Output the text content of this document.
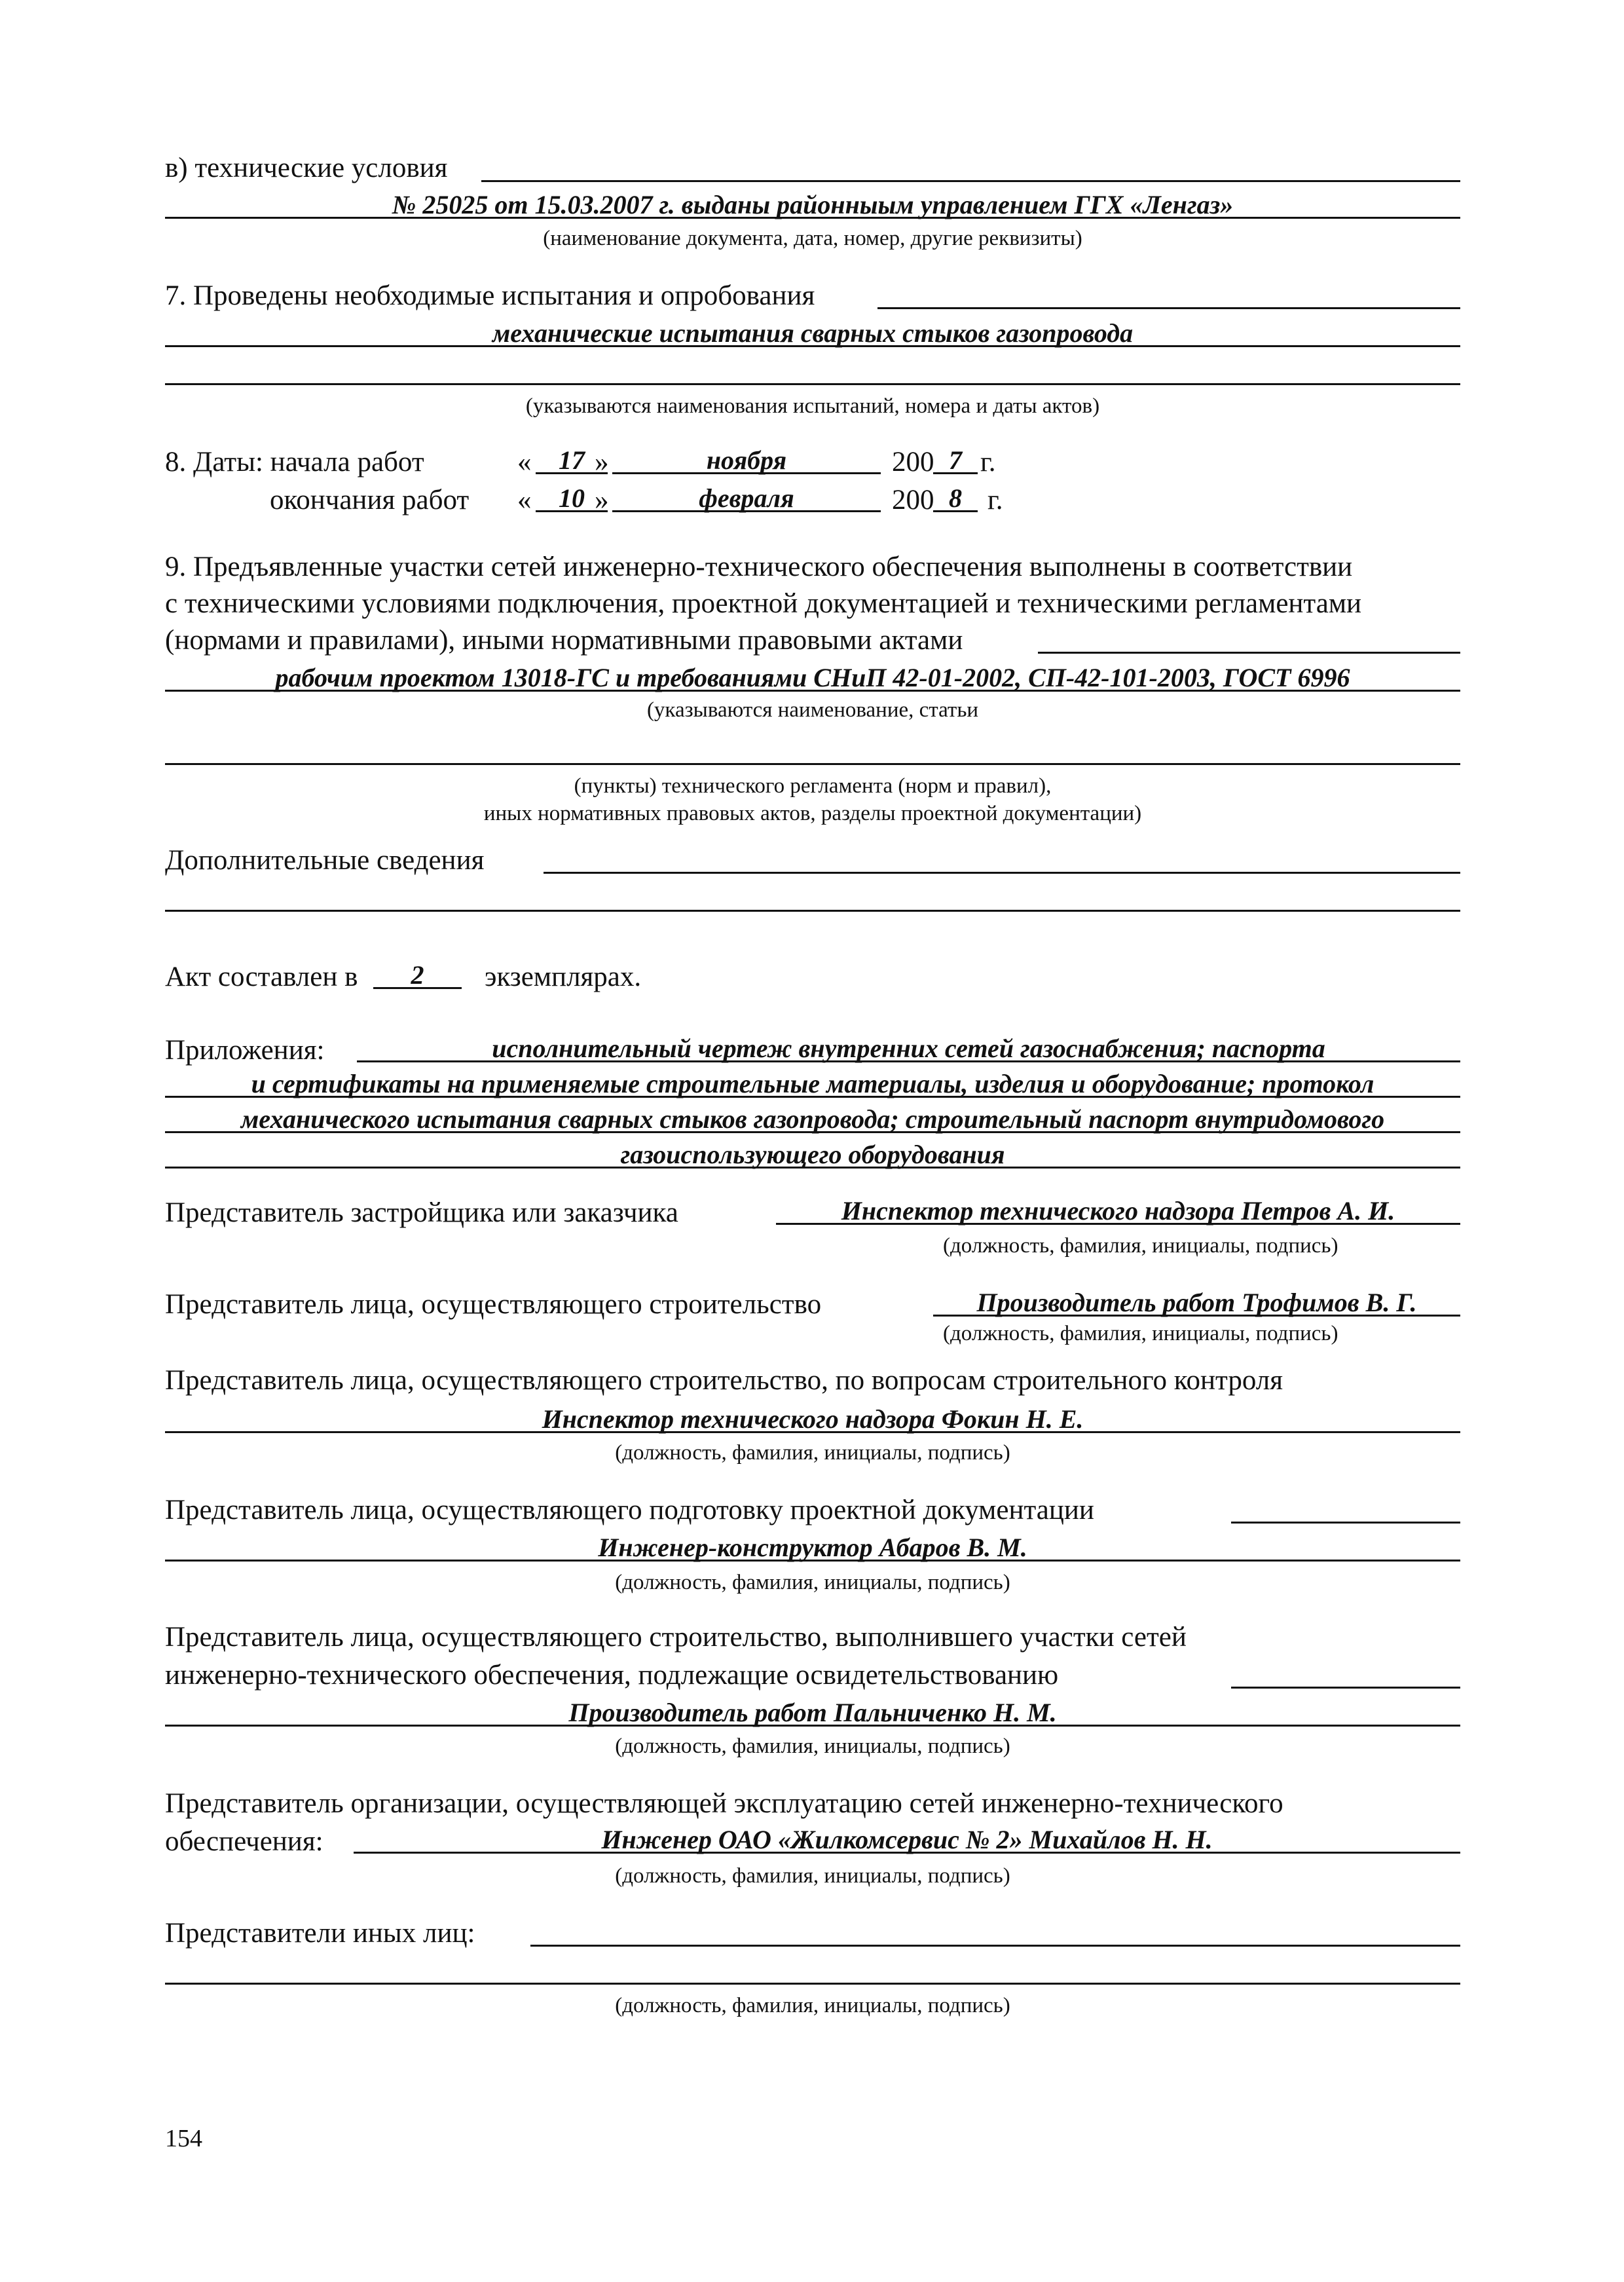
в) технические условия
№ 25025 от 15.03.2007 г. выданы районныым управлением ГГХ «Ленгаз»
(наименование документа, дата, номер, другие реквизиты)
7. Проведены необходимые испытания и опробования
механические испытания сварных стыков газопровода
(указываются наименования испытаний, номера и даты актов)
8. Даты: начала работ	«	17 »	ноября	200 7 г.
окончания работ «	10 »	февраля	200 8 г.
9. Предъявленные участки сетей инженерно-технического обеспечения выполнены в соответствии
с техническими условиями подключения, проектной документацией и техническими регламентами
(нормами и правилами), иными нормативными правовыми актами
рабочим проектом 13018-ГС и требованиями СНиП 42-01-2002, СП-42-101-2003, ГОСТ 6996
(указываются наименование, статьи
(пункты) технического регламента (норм и правил),
иных нормативных правовых актов, разделы проектной документации)
Дополнительные сведения
Акт составлен в	2	экземплярах.
Приложения:	исполнительный чертеж внутренних сетей газоснабжения; паспорта
и сертификаты на применяемые строительные материалы, изделия и оборудование; протокол
механического испытания сварных стыков газопровода; строительный паспорт внутридомового
газоиспользующего оборудования
Представитель застройщика или заказчика	Инспектор технического надзора Петров А. И.
(должность, фамилия, инициалы, подпись)
Представитель лица, осуществляющего строительство	Производитель работ Трофимов В. Г.
(должность, фамилия, инициалы, подпись)
Представитель лица, осуществляющего строительство, по вопросам строительного контроля
Инспектор технического надзора Фокин Н. Е.
(должность, фамилия, инициалы, подпись)
Представитель лица, осуществляющего подготовку проектной документации
Инженер-конструктор Абаров В. М.
(должность, фамилия, инициалы, подпись)
Представитель лица, осуществляющего строительство, выполнившего участки сетей
инженерно-технического обеспечения, подлежащие освидетельствованию
Производитель работ Пальниченко Н. М.
(должность, фамилия, инициалы, подпись)
Представитель организации, осуществляющей эксплуатацию сетей инженерно-технического
обеспечения:	Инженер ОАО «Жилкомсервис № 2» Михайлов Н. Н.
(должность, фамилия, инициалы, подпись)
Представители иных лиц:
(должность, фамилия, инициалы, подпись)
154
